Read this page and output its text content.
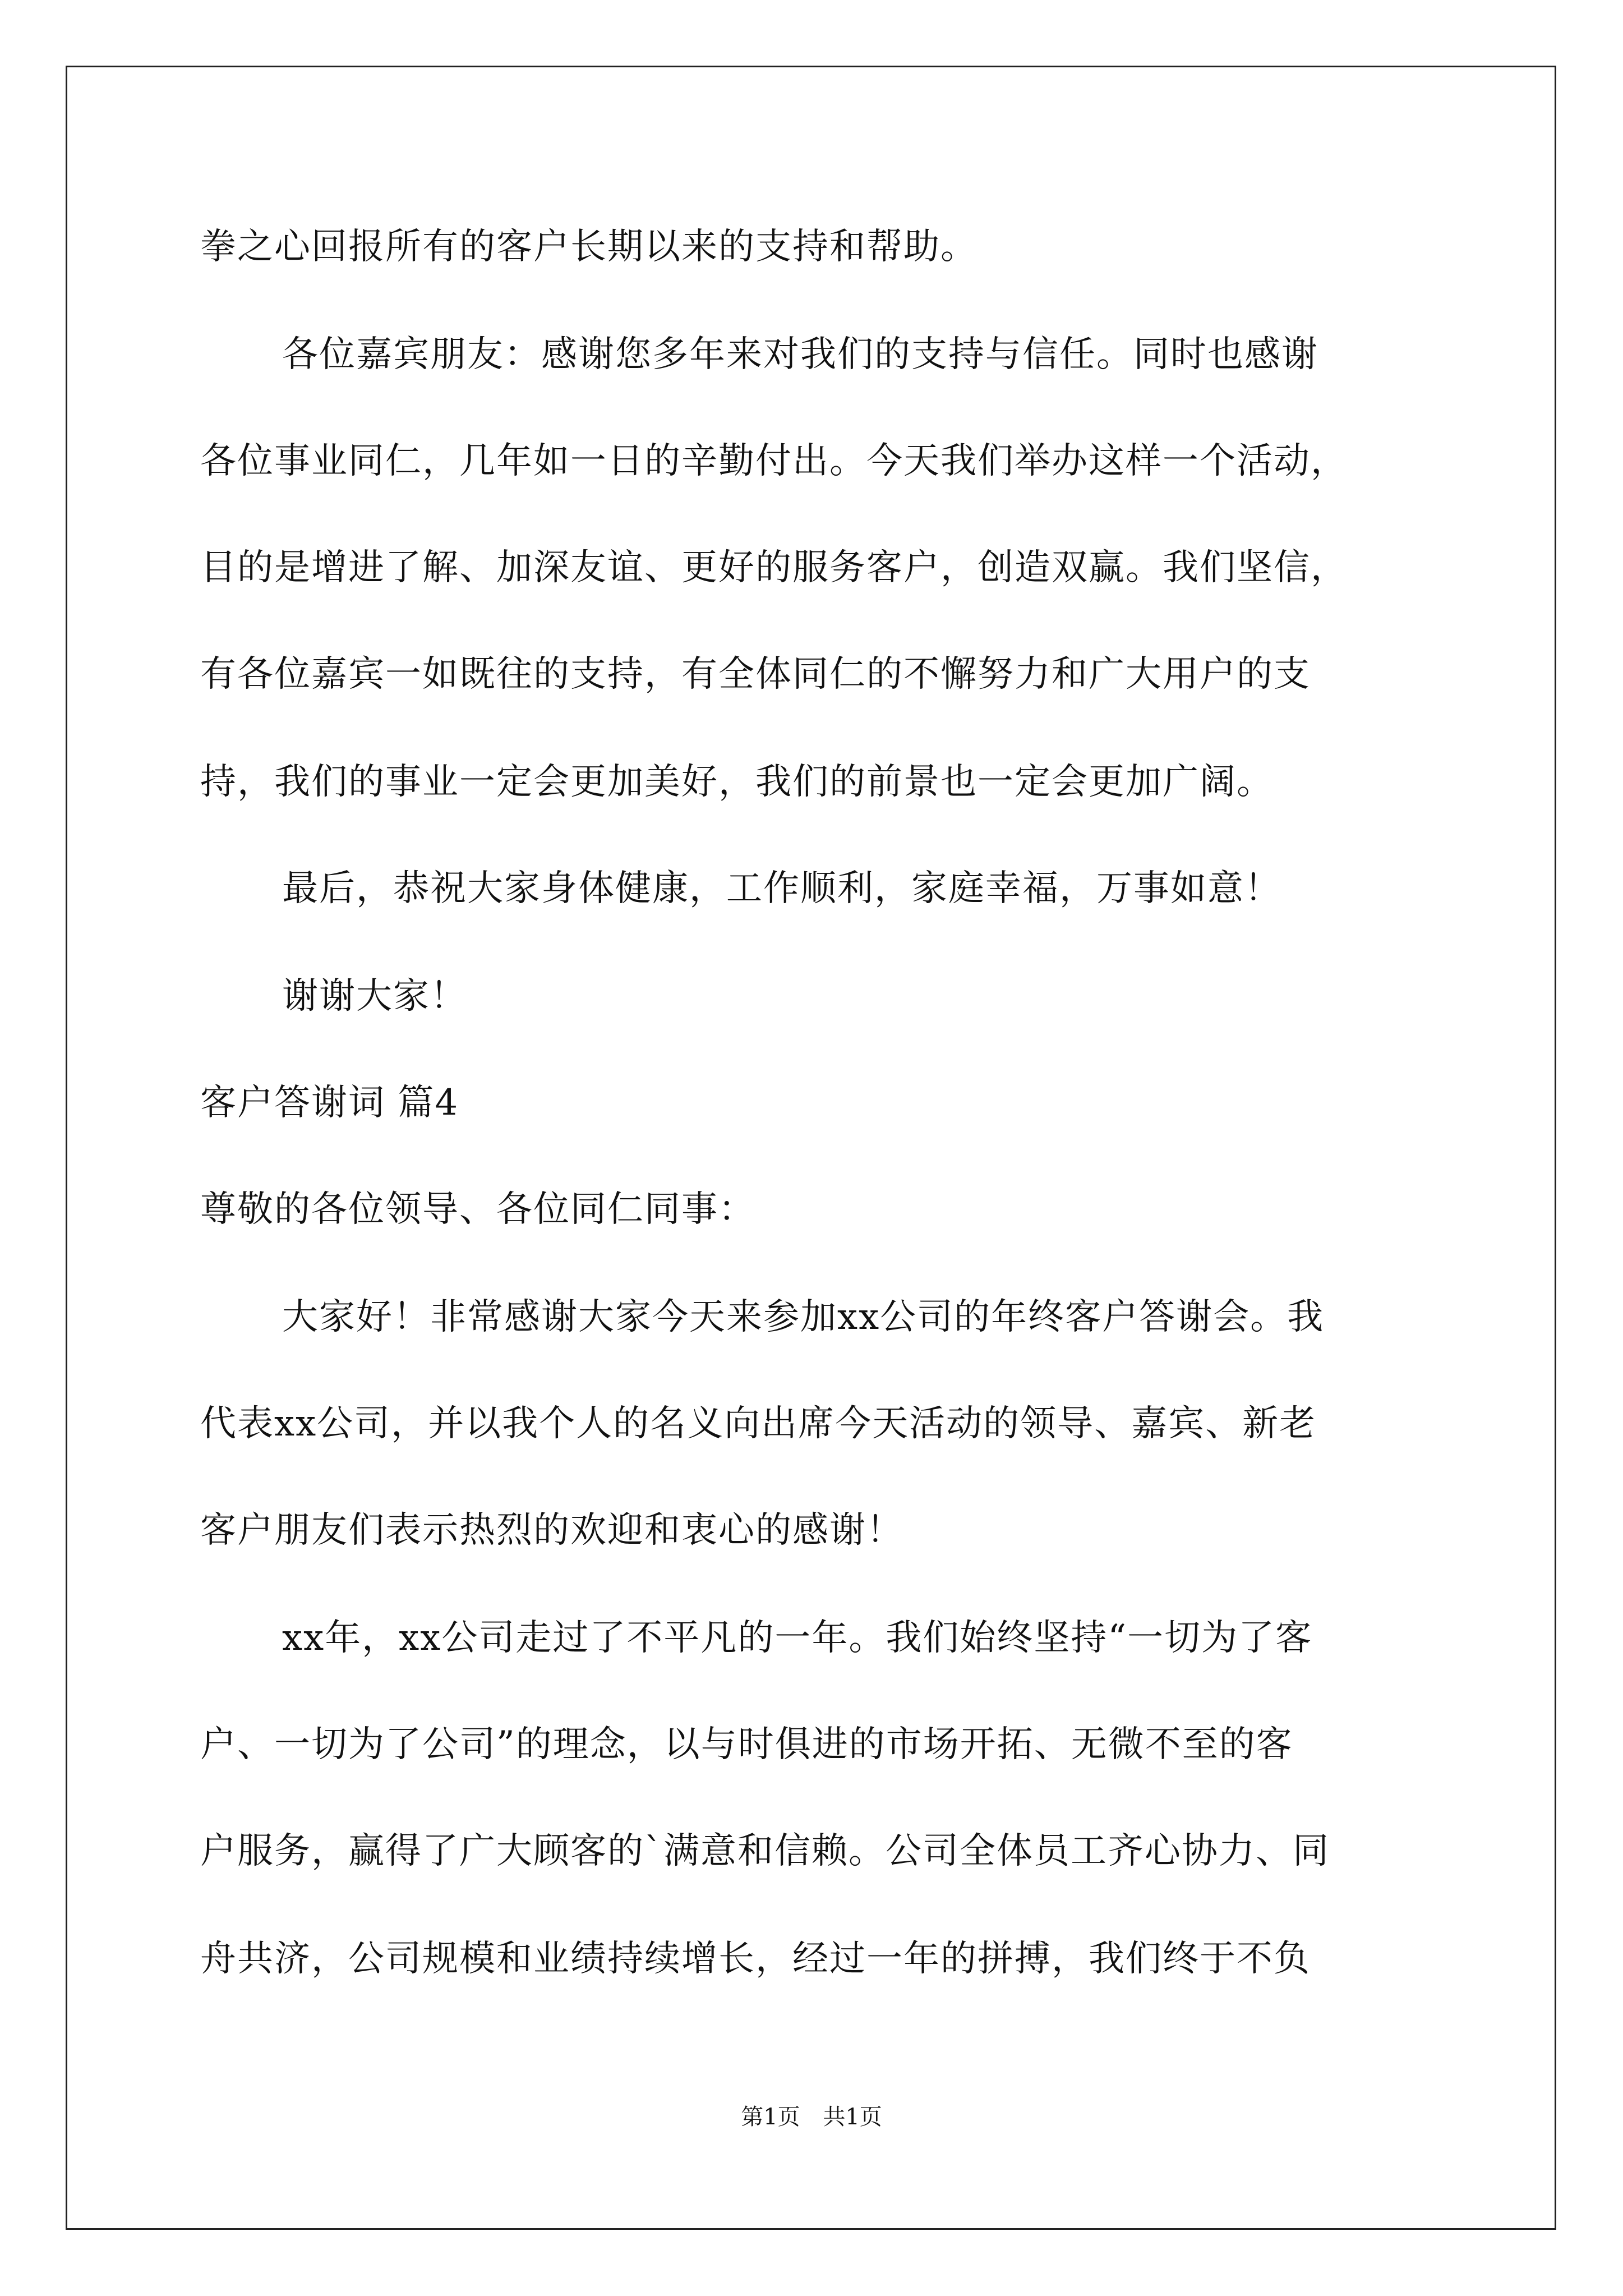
拳之心回报所有的客户长期以来的支持和帮助。
各位嘉宾朋友：感谢您多年来对我们的支持与信任。同时也感谢
各位事业同仁，几年如一日的辛勤付出。今天我们举办这样一个活动，
目的是增进了解、加深友谊、更好的服务客户，创造双赢。我们坚信，
有各位嘉宾一如既往的支持，有全体同仁的不懈努力和广大用户的支
持，我们的事业一定会更加美好，我们的前景也一定会更加广阔。
最后，恭祝大家身体健康，工作顺利，家庭幸福，万事如意！
谢谢大家！
客户答谢词 篇4
尊敬的各位领导、各位同仁同事：
大家好！非常感谢大家今天来参加xx公司的年终客户答谢会。我
代表xx公司，并以我个人的名义向出席今天活动的领导、嘉宾、新老
客户朋友们表示热烈的欢迎和衷心的感谢！
xx年，xx公司走过了不平凡的一年。我们始终坚持“一切为了客
户、一切为了公司”的理念，以与时俱进的市场开拓、无微不至的客
户服务，赢得了广大顾客的`满意和信赖。公司全体员工齐心协力、同
舟共济，公司规模和业绩持续增长，经过一年的拼搏，我们终于不负
第1页 共1页
